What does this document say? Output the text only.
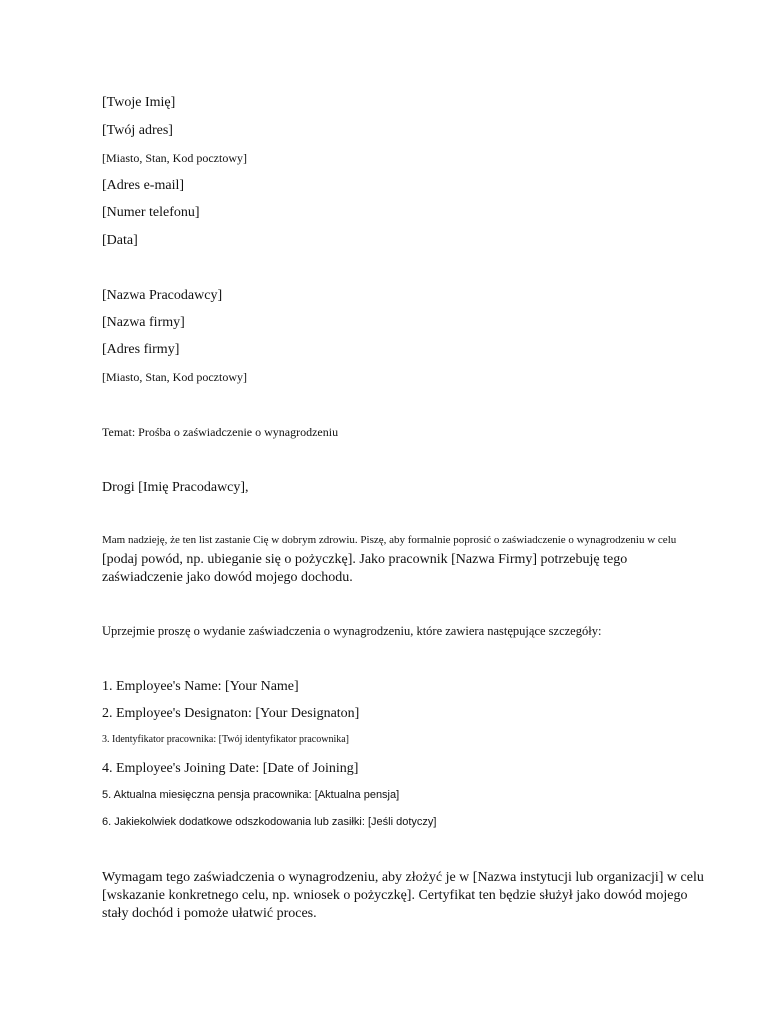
[Twoje Imię]

[Twój adres]

[Miasto, Stan, Kod pocztowy]

[Adres e-mail]

[Numer telefonu]

[Data]

[Nazwa Pracodawcy]

[Nazwa firmy]

[Adres firmy]

[Miasto, Stan, Kod pocztowy]

Temat: Prośba o zaświadczenie o wynagrodzeniu

Drogi [Imię Pracodawcy],

Mam nadzieję, że ten list zastanie Cię w dobrym zdrowiu. Piszę, aby formalnie poprosić o zaświadczenie o wynagrodzeniu w celu

[podaj powód, np. ubieganie się o pożyczkę]. Jako pracownik [Nazwa Firmy] potrzebuję tego

zaświadczenie jako dowód mojego dochodu.

Uprzejmie proszę o wydanie zaświadczenia o wynagrodzeniu, które zawiera następujące szczegóły:

1. Employee's Name: [Your Name]

2. Employee's Designaton: [Your Designaton]

3. Identyfikator pracownika: [Twój identyfikator pracownika]

4. Employee's Joining Date: [Date of Joining]

5. Aktualna miesięczna pensja pracownika: [Aktualna pensja]

6. Jakiekolwiek dodatkowe odszkodowania lub zasiłki: [Jeśli dotyczy]

Wymagam tego zaświadczenia o wynagrodzeniu, aby złożyć je w [Nazwa instytucji lub organizacji] w celu

[wskazanie konkretnego celu, np. wniosek o pożyczkę]. Certyfikat ten będzie służył jako dowód mojego

stały dochód i pomoże ułatwić proces.
